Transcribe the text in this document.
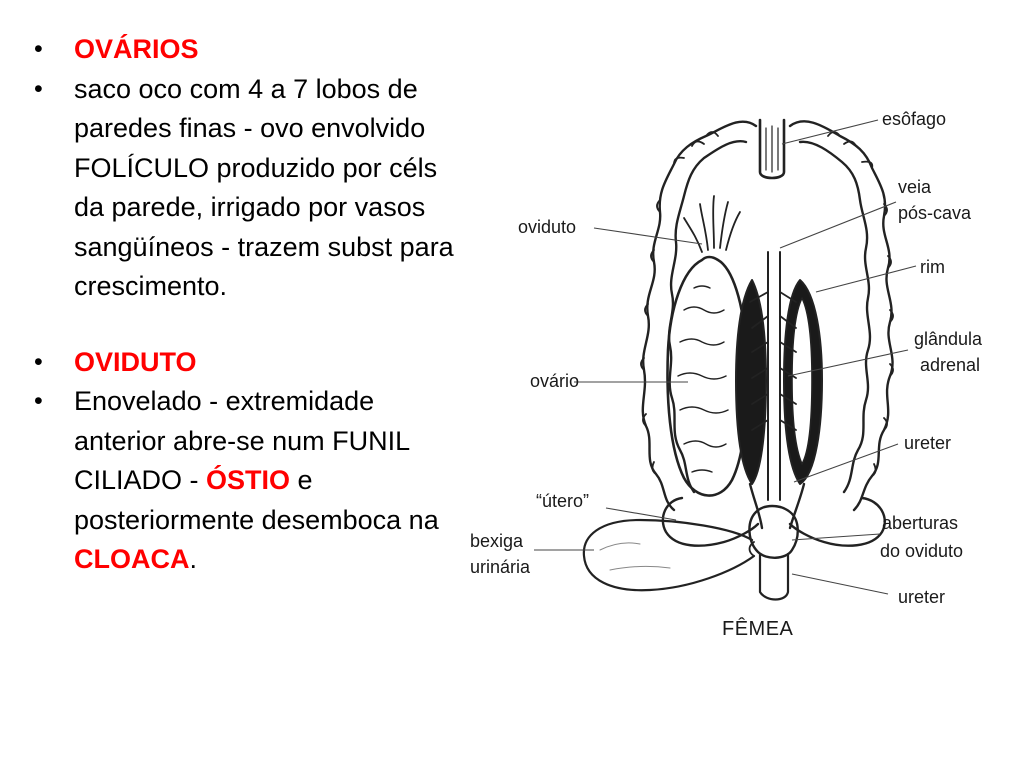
• OVÁRIOS
• saco oco com 4 a 7 lobos de paredes finas - ovo envolvido FOLÍCULO produzido por céls da parede, irrigado por vasos sangüíneos - trazem subst para crescimento.
• OVIDUTO
• Enovelado - extremidade anterior abre-se num FUNIL CILIADO - ÓSTIO e posteriormente desemboca na CLOACA.
esôfago
veia
pós-cava
rim
glândula
adrenal
ureter
aberturas
do oviduto
ureter
oviduto
ovário
“útero”
bexiga
urinária
FÊMEA
